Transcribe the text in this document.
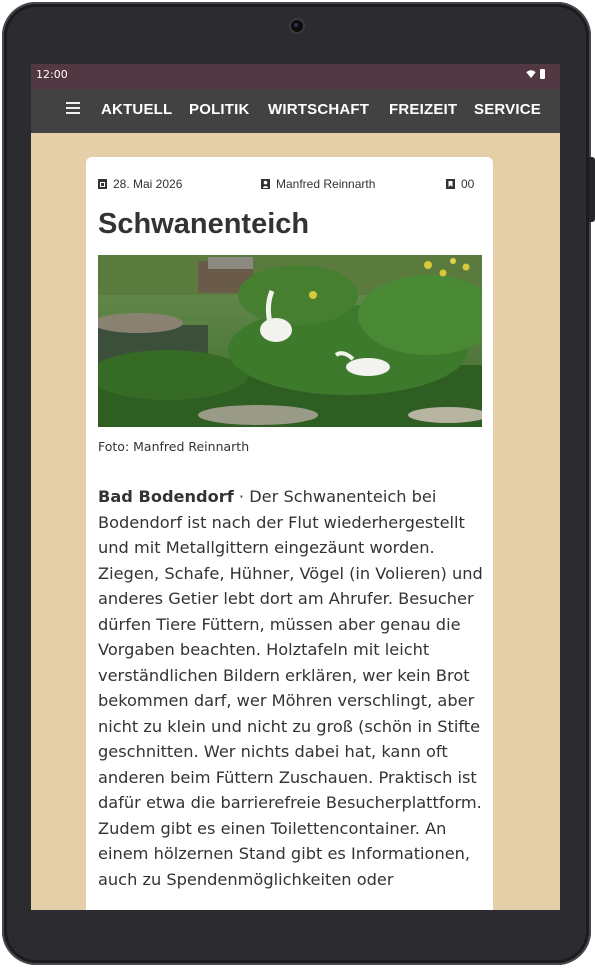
12:00
AKTUELL POLITIK WIRTSCHAFT FREIZEIT SERVICE
28. Mai 2026	Manfred Reinnarth	00
Schwanenteich
Foto: Manfred Reinnarth

Bad Bodendorf · Der Schwanenteich bei Bodendorf ist nach der Flut wiederhergestellt und mit Metallgittern eingezäunt worden. Ziegen, Schafe, Hühner, Vögel (in Volieren) und anderes Getier lebt dort am Ahrufer. Besucher dürfen Tiere Füttern, müssen aber genau die Vorgaben beachten. Holztafeln mit leicht verständlichen Bildern erklären, wer kein Brot bekommen darf, wer Möhren verschlingt, aber nicht zu klein und nicht zu groß (schön in Stifte geschnitten. Wer nichts dabei hat, kann oft anderen beim Füttern Zuschauen. Praktisch ist dafür etwa die barrierefreie Besucherplattform. Zudem gibt es einen Toilettencontainer. An einem hölzernen Stand gibt es Informationen, auch zu Spendenmöglichkeiten oder
